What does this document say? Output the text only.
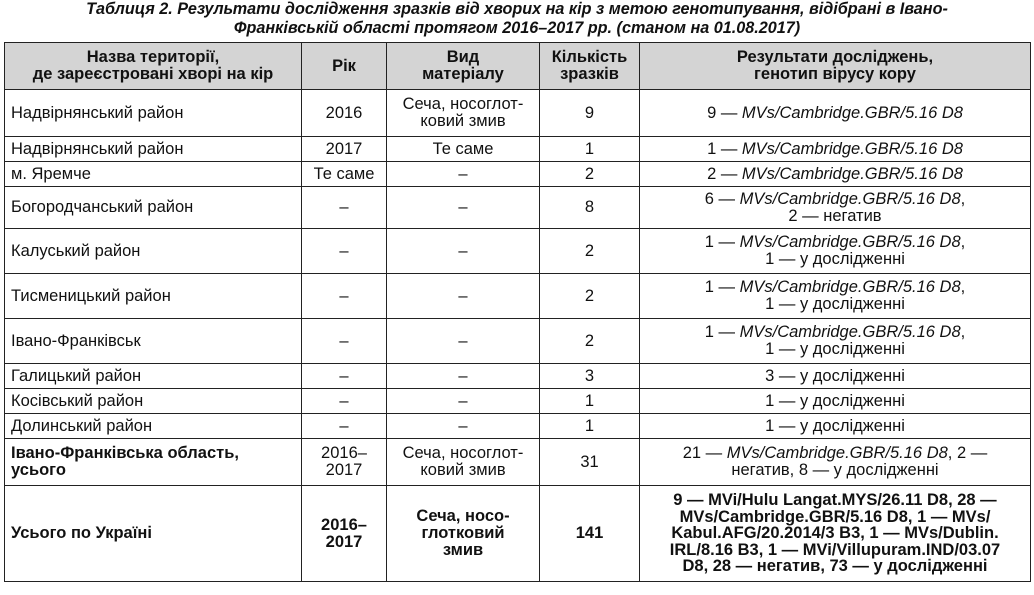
Таблиця 2. Результати дослідження зразків від хворих на кір з метою генотипування, відібрані в Івано-
Франківській області протягом 2016–2017 рр. (станом на 01.08.2017)
Назва території,
де зареєстровані хворі на кір	Рік	Вид
матеріалу	Кількість
зразків	Результати досліджень,
генотип вірусу кору

Надвірнянський район	2016	Сеча, носоглот-
ковий змив	9	9 — MVs/Cambridge.GBR/5.16 D8

Надвірнянський район	2017	Те саме	1	1 — MVs/Cambridge.GBR/5.16 D8

м. Яремче	Те саме	–	2	2 — MVs/Cambridge.GBR/5.16 D8

Богородчанський район	–	–	8	6 — MVs/Cambridge.GBR/5.16 D8,
2 — негатив

Калуський район	–	–	2	1 — MVs/Cambridge.GBR/5.16 D8,
1 — у дослідженні

Тисменицький район	–	–	2	1 — MVs/Cambridge.GBR/5.16 D8,
1 — у дослідженні

Івано-Франківськ	–	–	2	1 — MVs/Cambridge.GBR/5.16 D8,
1 — у дослідженні

Галицький район	–	–	3	3 — у дослідженні

Косівський район	–	–	1	1 — у дослідженні

Долинський район	–	–	1	1 — у дослідженні

Івано-Франківська область,
усього	2016–
2017	Сеча, носоглот-
ковий змив	31	21 — MVs/Cambridge.GBR/5.16 D8, 2 —
негатив, 8 — у дослідженні

Усього по Україні	2016–
2017	Сеча, носо-
глотковий
змив	141	9 — MVi/Hulu Langat.MYS/26.11 D8, 28 —
MVs/Cambridge.GBR/5.16 D8, 1 — MVs/
Kabul.AFG/20.2014/3 B3, 1 — MVs/Dublin.
IRL/8.16 B3, 1 — MVi/Villupuram.IND/03.07
D8, 28 — негатив, 73 — у дослідженні
